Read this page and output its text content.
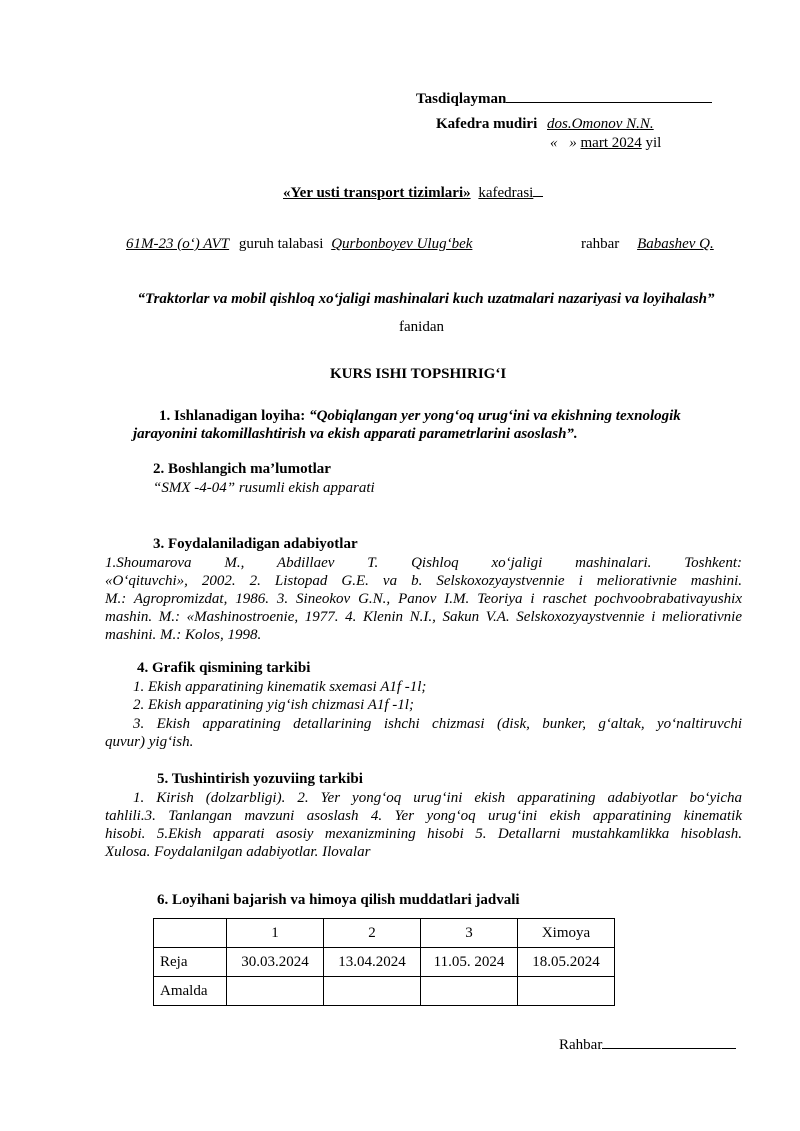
Tasdiqlayman
Kafedra mudiri dos.Omonov N.N.
« » mart 2024 yil
«Yer usti transport tizimlari» kafedrasi
61M-23 (o‘) AVT guruh talabasi Qurbonboyev Ulug‘bek	rahbar Babashev Q.
“Traktorlar va mobil qishloq xo‘jaligi mashinalari kuch uzatmalari nazariyasi va loyihalash”
fanidan
KURS ISHI TOPSHIRIG‘I
1. Ishlanadigan loyiha: “Qobiqlangan yer yong‘oq urug‘ini va ekishning texnologik
jarayonini takomillashtirish va ekish apparati parametrlarini asoslash”.
2. Boshlangich ma’lumotlar
“SMX -4-04” rusumli ekish apparati
3. Foydalaniladigan adabiyotlar
1.Shoumarova M., Abdillaev T. Qishloq xo‘jaligi mashinalari. Toshkent:
«O‘qituvchi», 2002. 2. Listopad G.E. va b. Selskoxozyaystvennie i meliorativnie mashini.
M.: Agropromizdat, 1986. 3. Sineokov G.N., Panov I.M. Teoriya i raschet pochvoobrabativayushix
mashin. M.: «Mashinostroenie, 1977. 4. Klenin N.I., Sakun V.A. Selskoxozyaystvennie i meliorativnie
mashini. M.: Kolos, 1998.
4. Grafik qismining tarkibi
1. Ekish apparatining kinematik sxemasi A1f -1l;
2. Ekish apparatining yig‘ish chizmasi A1f -1l;
3. Ekish apparatining detallarining ishchi chizmasi (disk, bunker, g‘altak, yo‘naltiruvchi
quvur) yig‘ish.
5. Tushintirish yozuviing tarkibi
1. Kirish (dolzarbligi). 2. Yer yong‘oq urug‘ini ekish apparatining adabiyotlar bo‘yicha
tahlili.3. Tanlangan mavzuni asoslash 4. Yer yong‘oq urug‘ini ekish apparatining kinematik
hisobi. 5.Ekish apparati asosiy mexanizmining hisobi 5. Detallarni mustahkamlikka hisoblash.
Xulosa. Foydalanilgan adabiyotlar. Ilovalar
6. Loyihani bajarish va himoya qilish muddatlari jadvali
	1	2	3	Ximoya
Reja	30.03.2024	13.04.2024	11.05. 2024	18.05.2024
Amalda				
Rahbar
